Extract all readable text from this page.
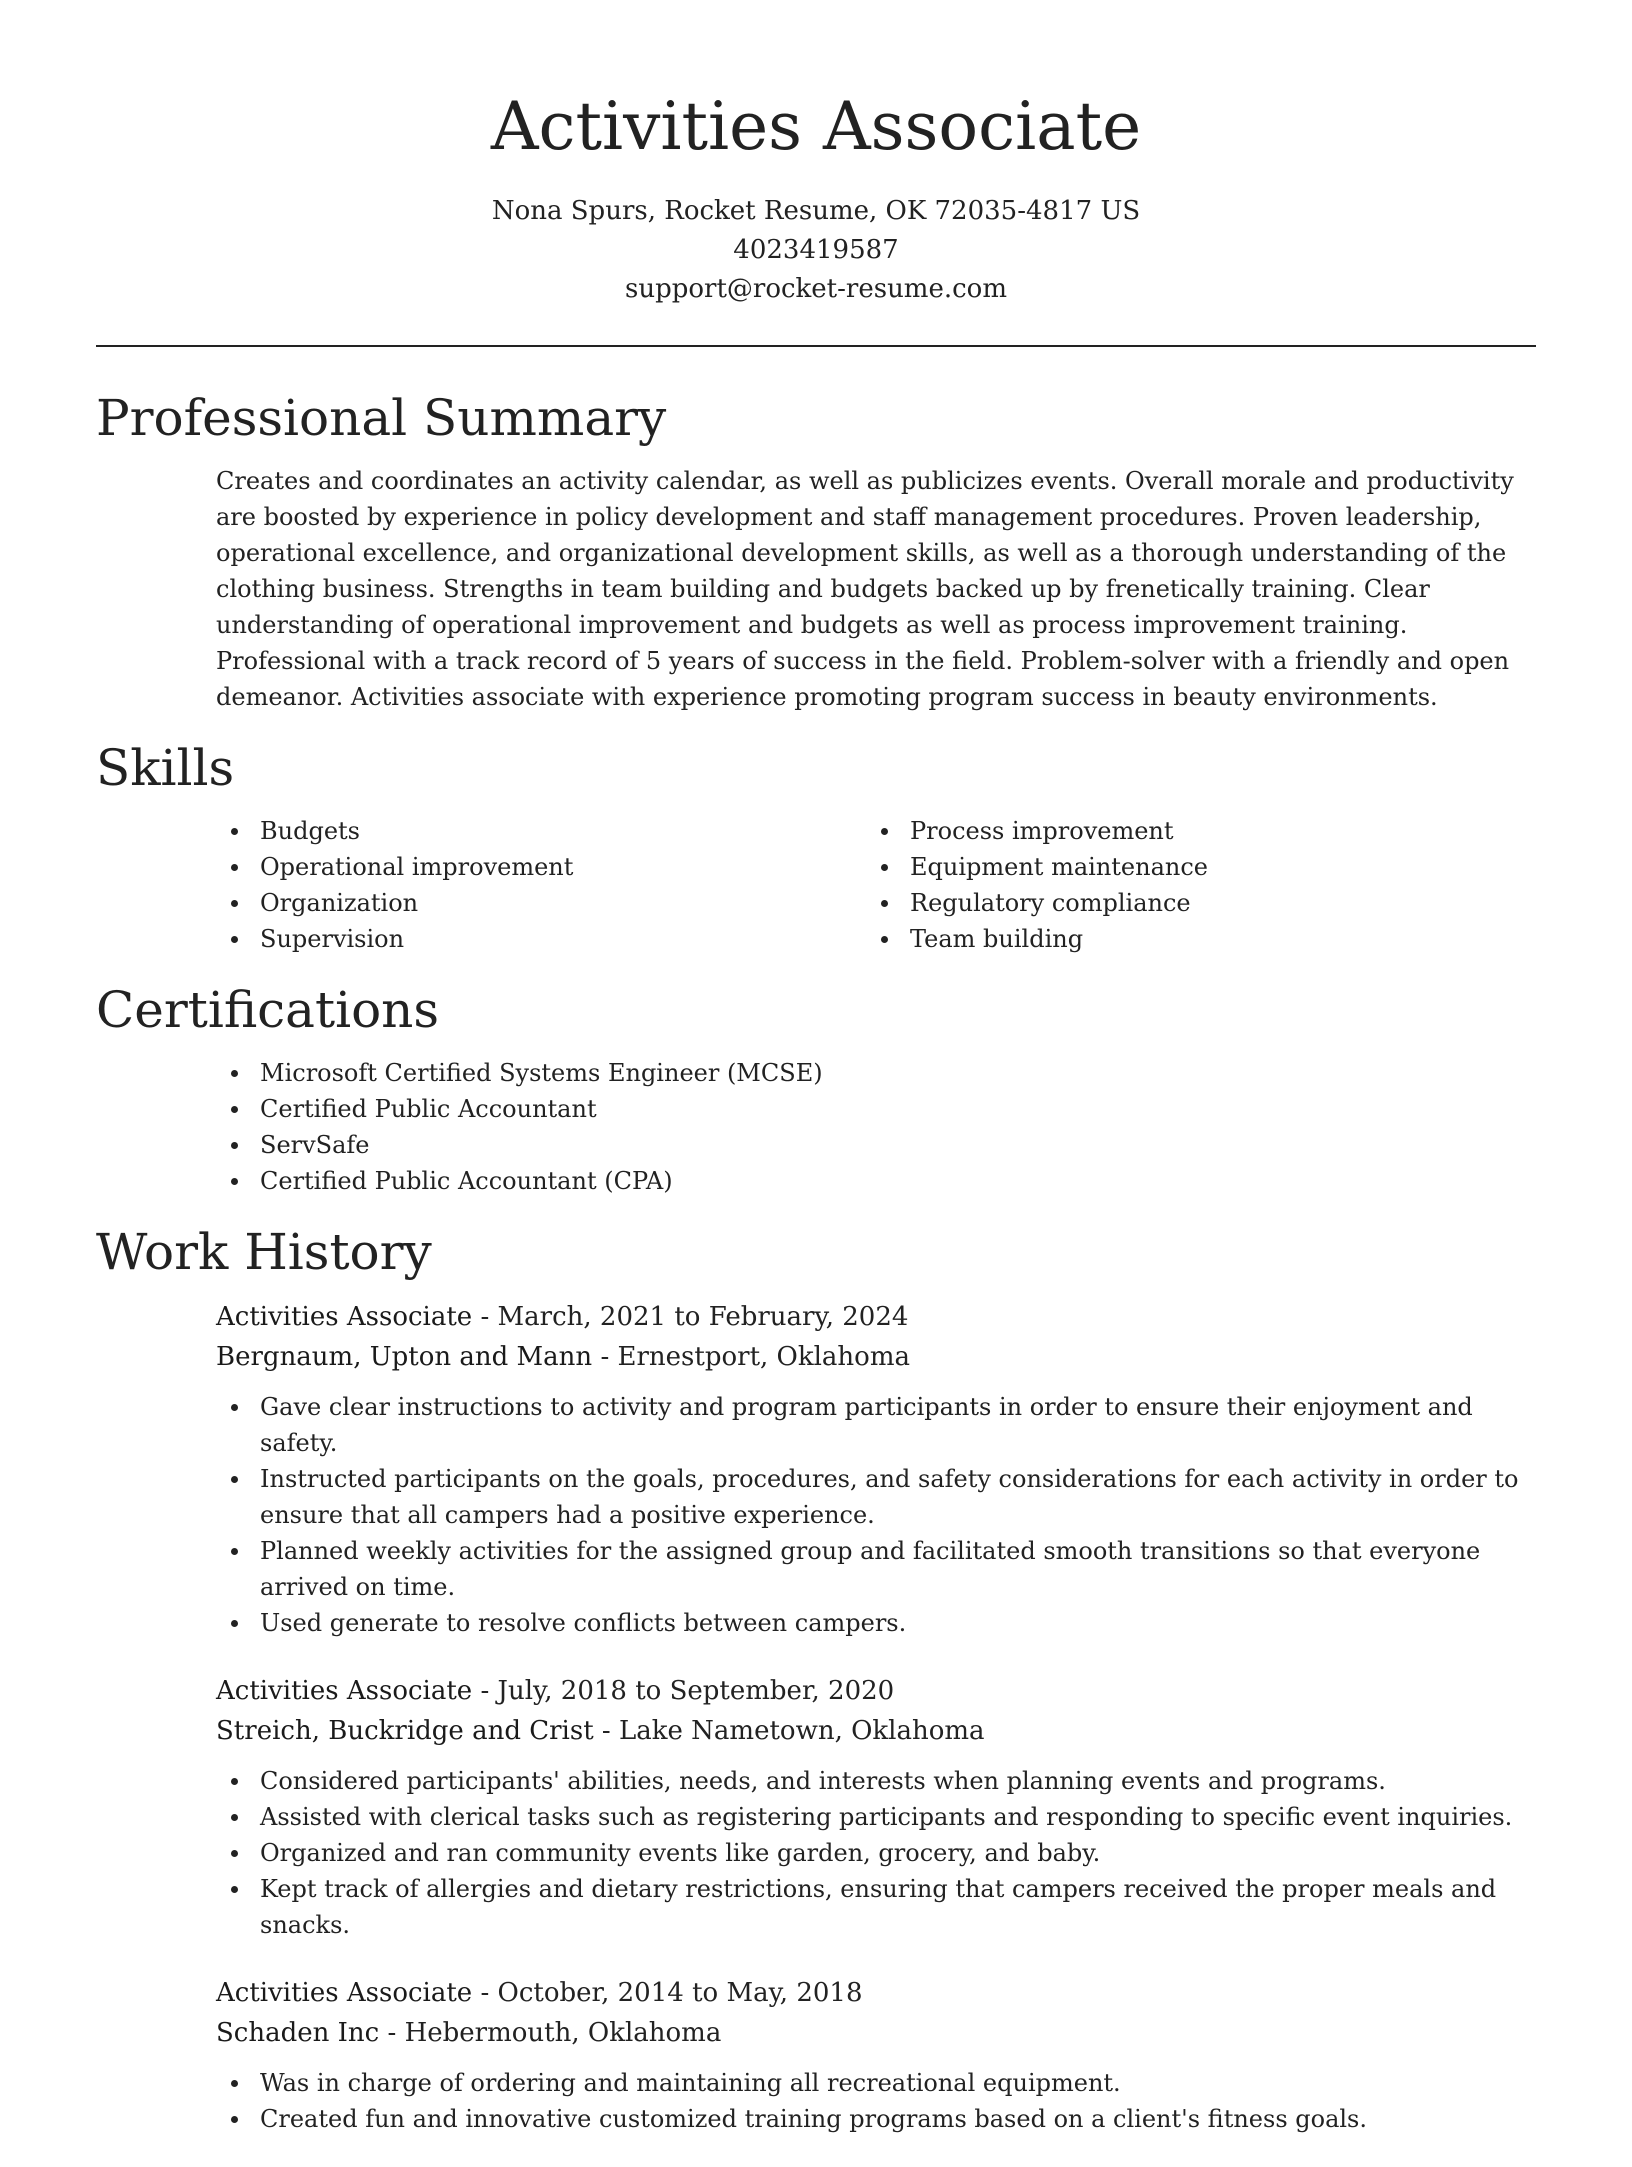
Activities Associate
Nona Spurs, Rocket Resume, OK 72035-4817 US
4023419587
support@rocket-resume.com
Professional Summary

Creates and coordinates an activity calendar, as well as publicizes events. Overall morale and productivity are boosted by experience in policy development and staff management procedures. Proven leadership, operational excellence, and organizational development skills, as well as a thorough understanding of the clothing business. Strengths in team building and budgets backed up by frenetically training. Clear understanding of operational improvement and budgets as well as process improvement training. Professional with a track record of 5 years of success in the field. Problem-solver with a friendly and open demeanor. Activities associate with experience promoting program success in beauty environments.

Skills
Budgets
Operational improvement
Organization
Supervision
Process improvement
Equipment maintenance
Regulatory compliance
Team building
Certifications
Microsoft Certified Systems Engineer (MCSE)
Certified Public Accountant
ServSafe
Certified Public Accountant (CPA)
Work History
Activities Associate - March, 2021 to February, 2024
Bergnaum, Upton and Mann - Ernestport, Oklahoma
Gave clear instructions to activity and program participants in order to ensure their enjoyment and safety.
Instructed participants on the goals, procedures, and safety considerations for each activity in order to ensure that all campers had a positive experience.
Planned weekly activities for the assigned group and facilitated smooth transitions so that everyone arrived on time.
Used generate to resolve conflicts between campers.
Activities Associate - July, 2018 to September, 2020
Streich, Buckridge and Crist - Lake Nametown, Oklahoma
Considered participants' abilities, needs, and interests when planning events and programs.
Assisted with clerical tasks such as registering participants and responding to specific event inquiries.
Organized and ran community events like garden, grocery, and baby.
Kept track of allergies and dietary restrictions, ensuring that campers received the proper meals and snacks.
Activities Associate - October, 2014 to May, 2018
Schaden Inc - Hebermouth, Oklahoma
Was in charge of ordering and maintaining all recreational equipment.
Created fun and innovative customized training programs based on a client's fitness goals.
